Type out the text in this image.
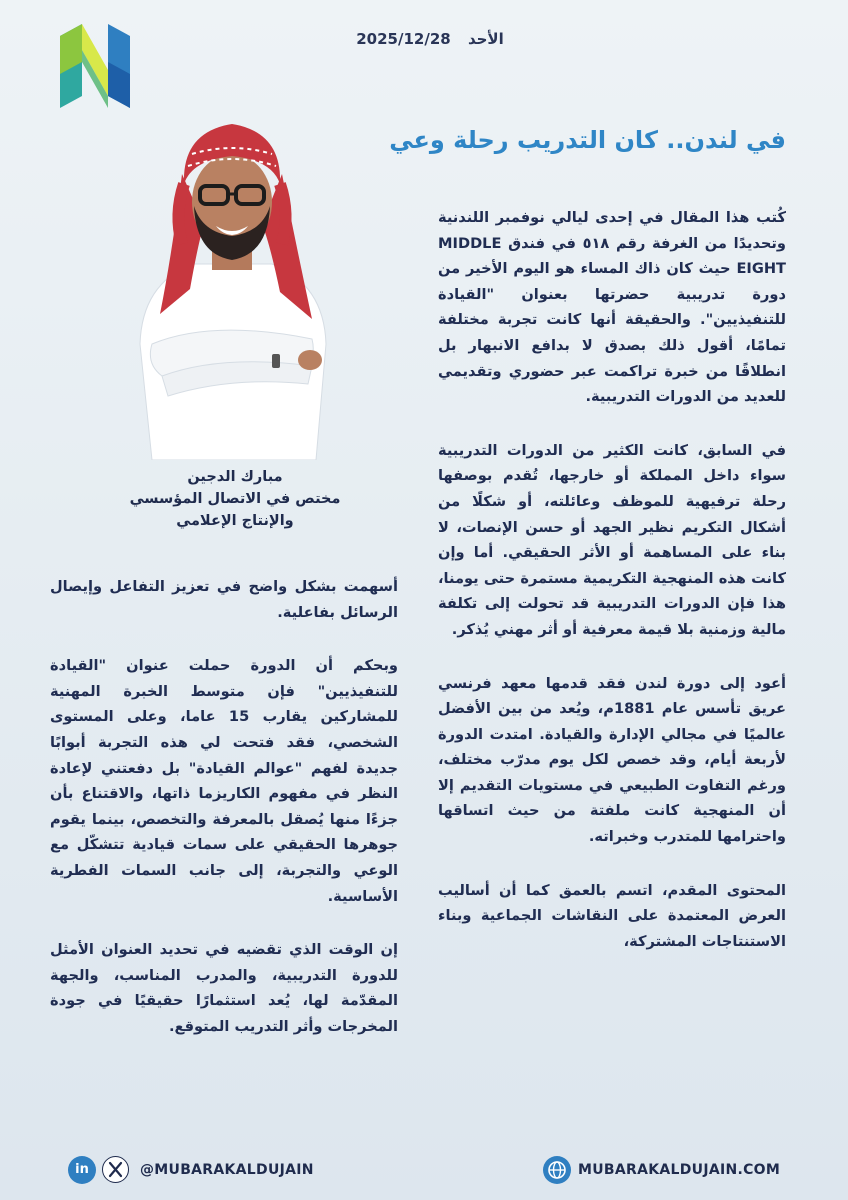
الأحد 2025/12/28
في لندن.. كان التدريب رحلة وعي

كُتب هذا المقال في إحدى ليالي نوفمبر اللندنية وتحديدًا من الغرفة رقم ٥١٨ في فندق MIDDLE EIGHT حيث كان ذاك المساء هو اليوم الأخير من دورة تدريبية حضرتها بعنوان "القيادة للتنفيذيين". والحقيقة أنها كانت تجربة مختلفة تمامًا، أقول ذلك بصدق لا بدافع الانبهار بل انطلاقًا من خبرة تراكمت عبر حضوري وتقديمي للعديد من الدورات التدريبية.

في السابق، كانت الكثير من الدورات التدريبية سواء داخل المملكة أو خارجها، تُقدم بوصفها رحلة ترفيهية للموظف وعائلته، أو شكلًا من أشكال التكريم نظير الجهد أو حسن الإنصات، لا بناء على المساهمة أو الأثر الحقيقي. أما وإن كانت هذه المنهجية التكريمية مستمرة حتى يومنا، هذا فإن الدورات التدريبية قد تحولت إلى تكلفة مالية وزمنية بلا قيمة معرفية أو أثر مهني يُذكر.

أعود إلى دورة لندن فقد قدمها معهد فرنسي عريق تأسس عام 1881م، ويُعد من بين الأفضل عالميًا في مجالي الإدارة والقيادة. امتدت الدورة لأربعة أيام، وقد خصص لكل يوم مدرّب مختلف، ورغم التفاوت الطبيعي في مستويات التقديم إلا أن المنهجية كانت ملفتة من حيث اتساقها واحترامها للمتدرب وخبراته.

المحتوى المقدم، اتسم بالعمق كما أن أساليب العرض المعتمدة على النقاشات الجماعية وبناء الاستنتاجات المشتركة،

مبارك الدجين
مختص في الاتصال المؤسسي
والإنتاج الإعلامي

أسهمت بشكل واضح في تعزيز التفاعل وإيصال الرسائل بفاعلية.

وبحكم أن الدورة حملت عنوان "القيادة للتنفيذيين" فإن متوسط الخبرة المهنية للمشاركين يقارب 15 عاما، وعلى المستوى الشخصي، فقد فتحت لي هذه التجربة أبوابًا جديدة لفهم "عوالم القيادة" بل دفعتني لإعادة النظر في مفهوم الكاريزما ذاتها، والاقتناع بأن جزءًا منها يُصقل بالمعرفة والتخصص، بينما يقوم جوهرها الحقيقي على سمات قيادية تتشكّل مع الوعي والتجربة، إلى جانب السمات الفطرية الأساسية.

إن الوقت الذي تقضيه في تحديد العنوان الأمثل للدورة التدريبية، والمدرب المناسب، والجهة المقدّمة لها، يُعد استثمارًا حقيقيًا في جودة المخرجات وأثر التدريب المتوقع.

in	@MUBARAKALDUJAIN	MUBARAKALDUJAIN.COM
